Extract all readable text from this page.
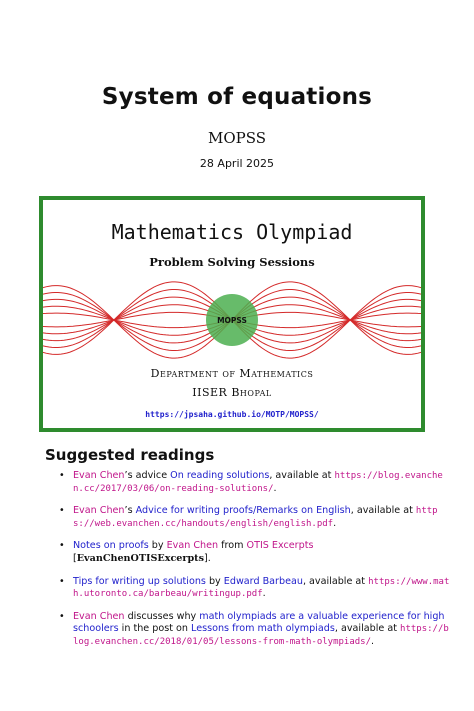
System of equations
MOPSS
28 April 2025
Mathematics Olympiad
Problem Solving Sessions
MOPSS
Department of Mathematics
IISER Bhopal
https://jpsaha.github.io/MOTP/MOPSS/
Suggested readings
• Evan Chen’s advice On reading solutions, available at https://blog.evanchen.cc/2017/03/06/on-reading-solutions/.
• Evan Chen’s Advice for writing proofs/Remarks on English, available at https://web.evanchen.cc/handouts/english/english.pdf.
• Notes on proofs by Evan Chen from OTIS Excerpts [EvanChenOTISExcerpts].
• Tips for writing up solutions by Edward Barbeau, available at https://www.math.utoronto.ca/barbeau/writingup.pdf.
• Evan Chen discusses why math olympiads are a valuable experience for high schoolers in the post on Lessons from math olympiads, available at https://blog.evanchen.cc/2018/01/05/lessons-from-math-olympiads/.
